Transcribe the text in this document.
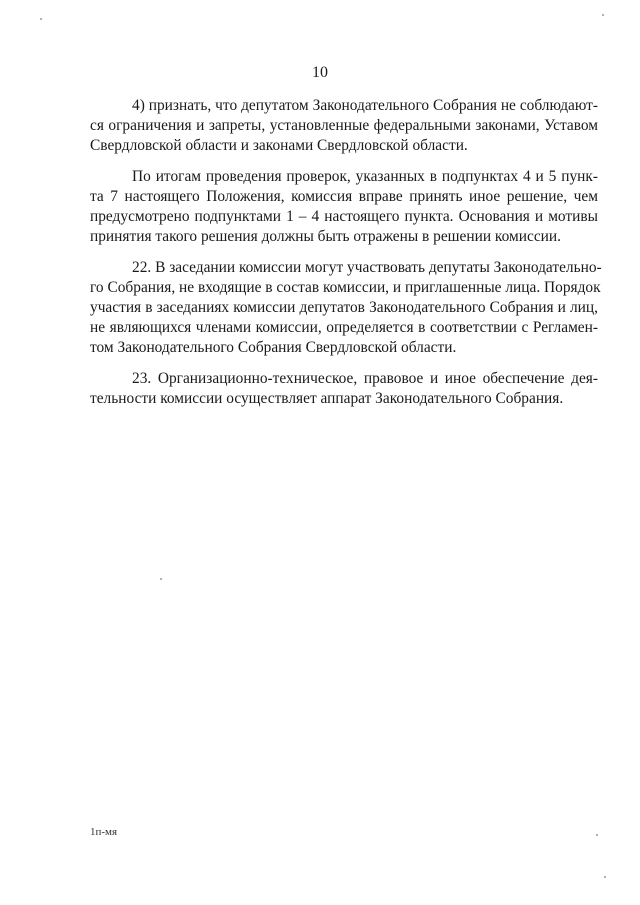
10
4) признать, что депутатом Законодательного Собрания не соблюдают-
ся ограничения и запреты, установленные федеральными законами, Уставом
Свердловской области и законами Свердловской области.
По итогам проведения проверок, указанных в подпунктах 4 и 5 пунк-
та 7 настоящего Положения, комиссия вправе принять иное решение, чем
предусмотрено подпунктами 1 – 4 настоящего пункта. Основания и мотивы
принятия такого решения должны быть отражены в решении комиссии.
22. В заседании комиссии могут участвовать депутаты Законодательно-
го Собрания, не входящие в состав комиссии, и приглашенные лица. Порядок
участия в заседаниях комиссии депутатов Законодательного Собрания и лиц,
не являющихся членами комиссии, определяется в соответствии с Регламен-
том Законодательного Собрания Свердловской области.
23. Организационно-техническое, правовое и иное обеспечение дея-
тельности комиссии осуществляет аппарат Законодательного Собрания.
1п-мя
